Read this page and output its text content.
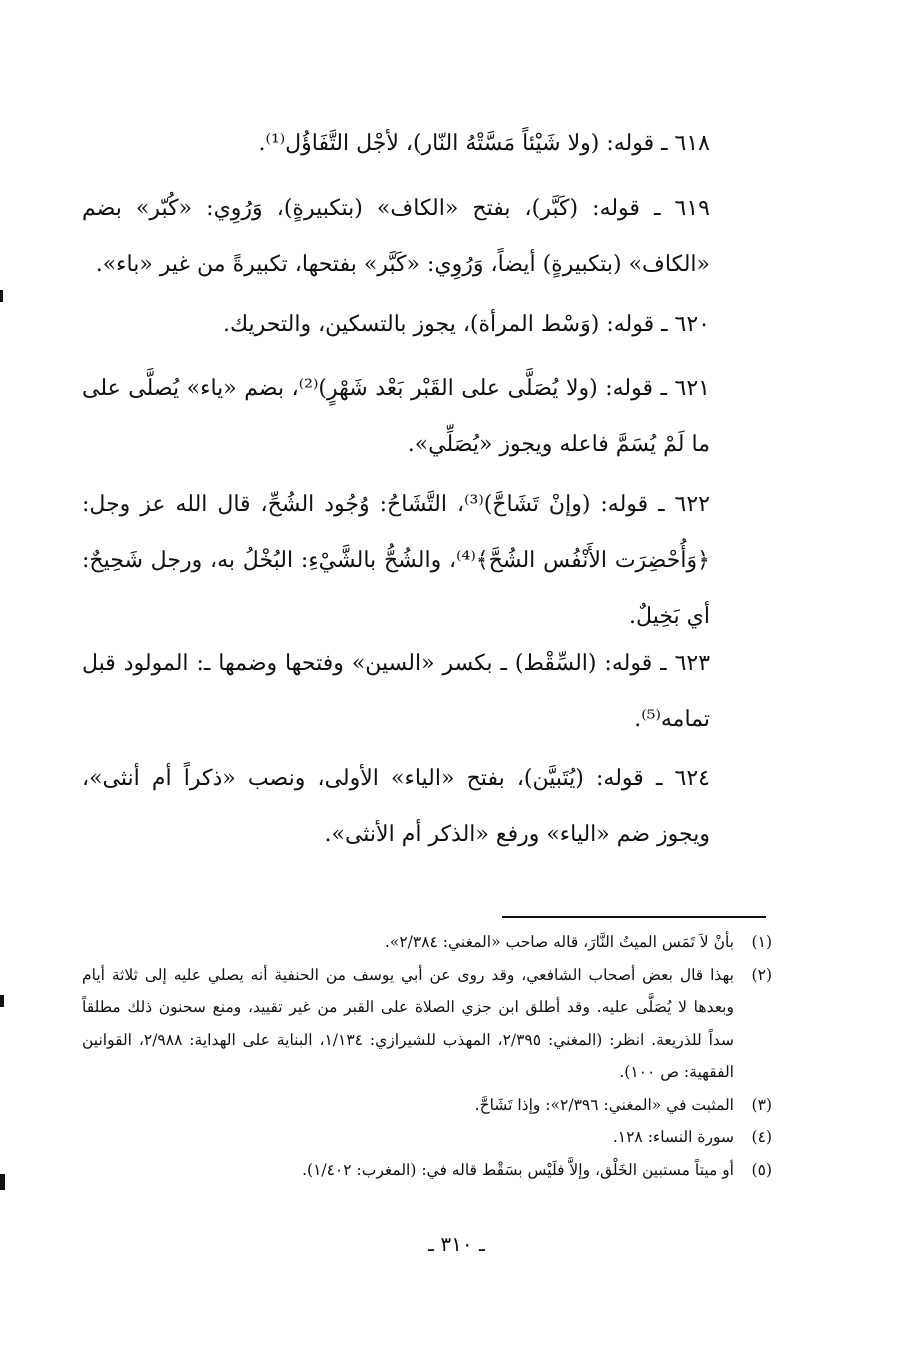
٦١٨ ـ قوله: (ولا شَيْئاً مَسَّتْهُ النّار)، لأجْل التَّفَاؤُل⁽¹⁾.
٦١٩ ـ قوله: (كَبَّر)، بفتح «الكاف» (بتكبيرةٍ)، وَرُوِي: «كُبّر» بضم «الكاف» (بتكبيرةٍ) أيضاً، وَرُوِي: «كَبَّر» بفتحها، تكبيرةً من غير «باء».
٦٢٠ ـ قوله: (وَسْط المرأة)، يجوز بالتسكين، والتحريك.
٦٢١ ـ قوله: (ولا يُصَلَّى على القَبْر بَعْد شَهْرٍ)⁽²⁾، بضم «ياء» يُصلَّى على ما لَمْ يُسَمَّ فاعله ويجوز «يُصَلِّي».
٦٢٢ ـ قوله: (وإنْ تَشَاحَّ)⁽³⁾، التَّشَاحُ: وُجُود الشُحِّ، قال الله عز وجل: ﴿وَأُحْضِرَت الأَنْفُس الشُحَّ﴾⁽⁴⁾، والشُحُّ بالشَّيْءِ: البُخْلُ به، ورجل شَحِيحٌ: أي بَخِيلٌ.
٦٢٣ ـ قوله: (السِّقْط) ـ بكسر «السين» وفتحها وضمها ـ: المولود قبل تمامه⁽⁵⁾.
٦٢٤ ـ قوله: (يُتَبيَّن)، بفتح «الياء» الأولى، ونصب «ذكراً أم أنثى»، ويجوز ضم «الياء» ورفع «الذكر أم الأنثى».
(١)
بأنْ لاَ تَمَس الميتُ النَّارَ، قاله صاحب «المغني: ٢/٣٨٤».
(٢)
بهذا قال بعض أصحاب الشافعي، وقد روى عن أبي يوسف من الحنفية أنه يصلي عليه إلى ثلاثة أيام وبعدها لا يُصَلَّى عليه. وقد أطلق ابن جزي الصلاة على القبر من غير تقييد، ومنع سحنون ذلك مطلقاً سداً للذريعة. انظر: (المغني: ٢/٣٩٥، المهذب للشيرازي: ١/١٣٤، البناية على الهداية: ٢/٩٨٨، القوانين الفقهية: ص ١٠٠).
(٣)
المثبت في «المغني: ٢/٣٩٦»: وإذا تَشَاحَّ.
(٤)
سورة النساء: ١٢٨.
(٥)
أو ميتاً مستبين الخَلْق، وإلاَّ فلَيْس بسَقْط قاله في: (المغرب: ١/٤٠٢).
ـ ٣١٠ ـ
